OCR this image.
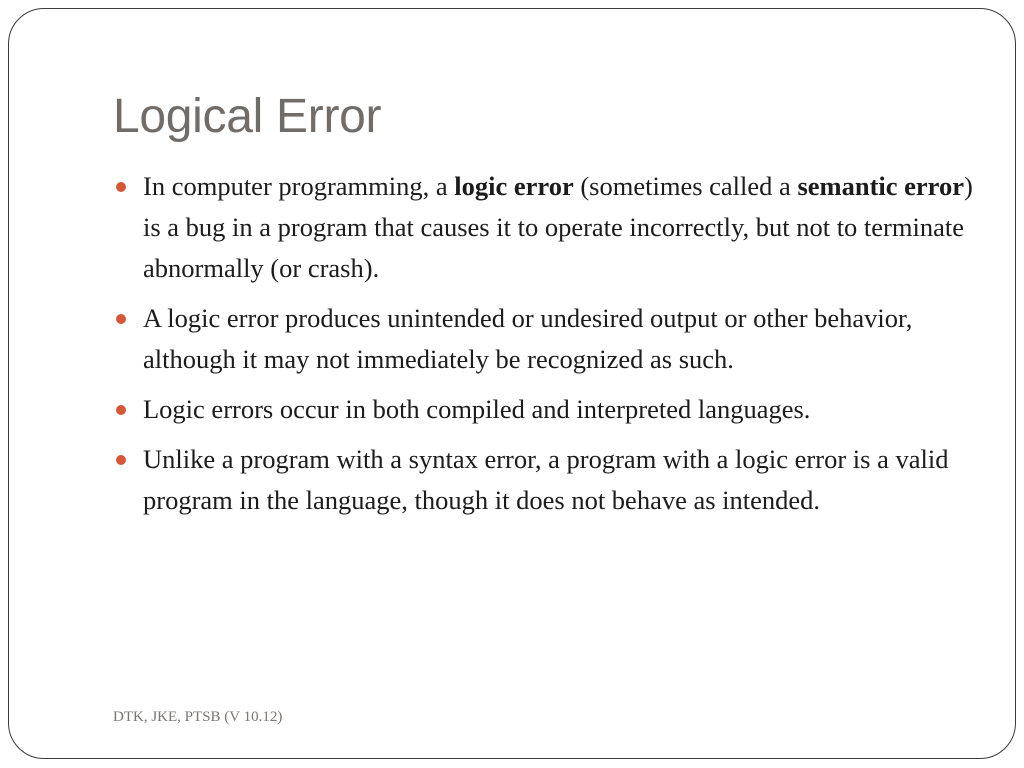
Logical Error
In computer programming, a logic error (sometimes called a semantic error) is a bug in a program that causes it to operate incorrectly, but not to terminate abnormally (or crash).
A logic error produces unintended or undesired output or other behavior, although it may not immediately be recognized as such.
Logic errors occur in both compiled and interpreted languages.
Unlike a program with a syntax error, a program with a logic error is a valid program in the language, though it does not behave as intended.
DTK, JKE, PTSB (V 10.12)
